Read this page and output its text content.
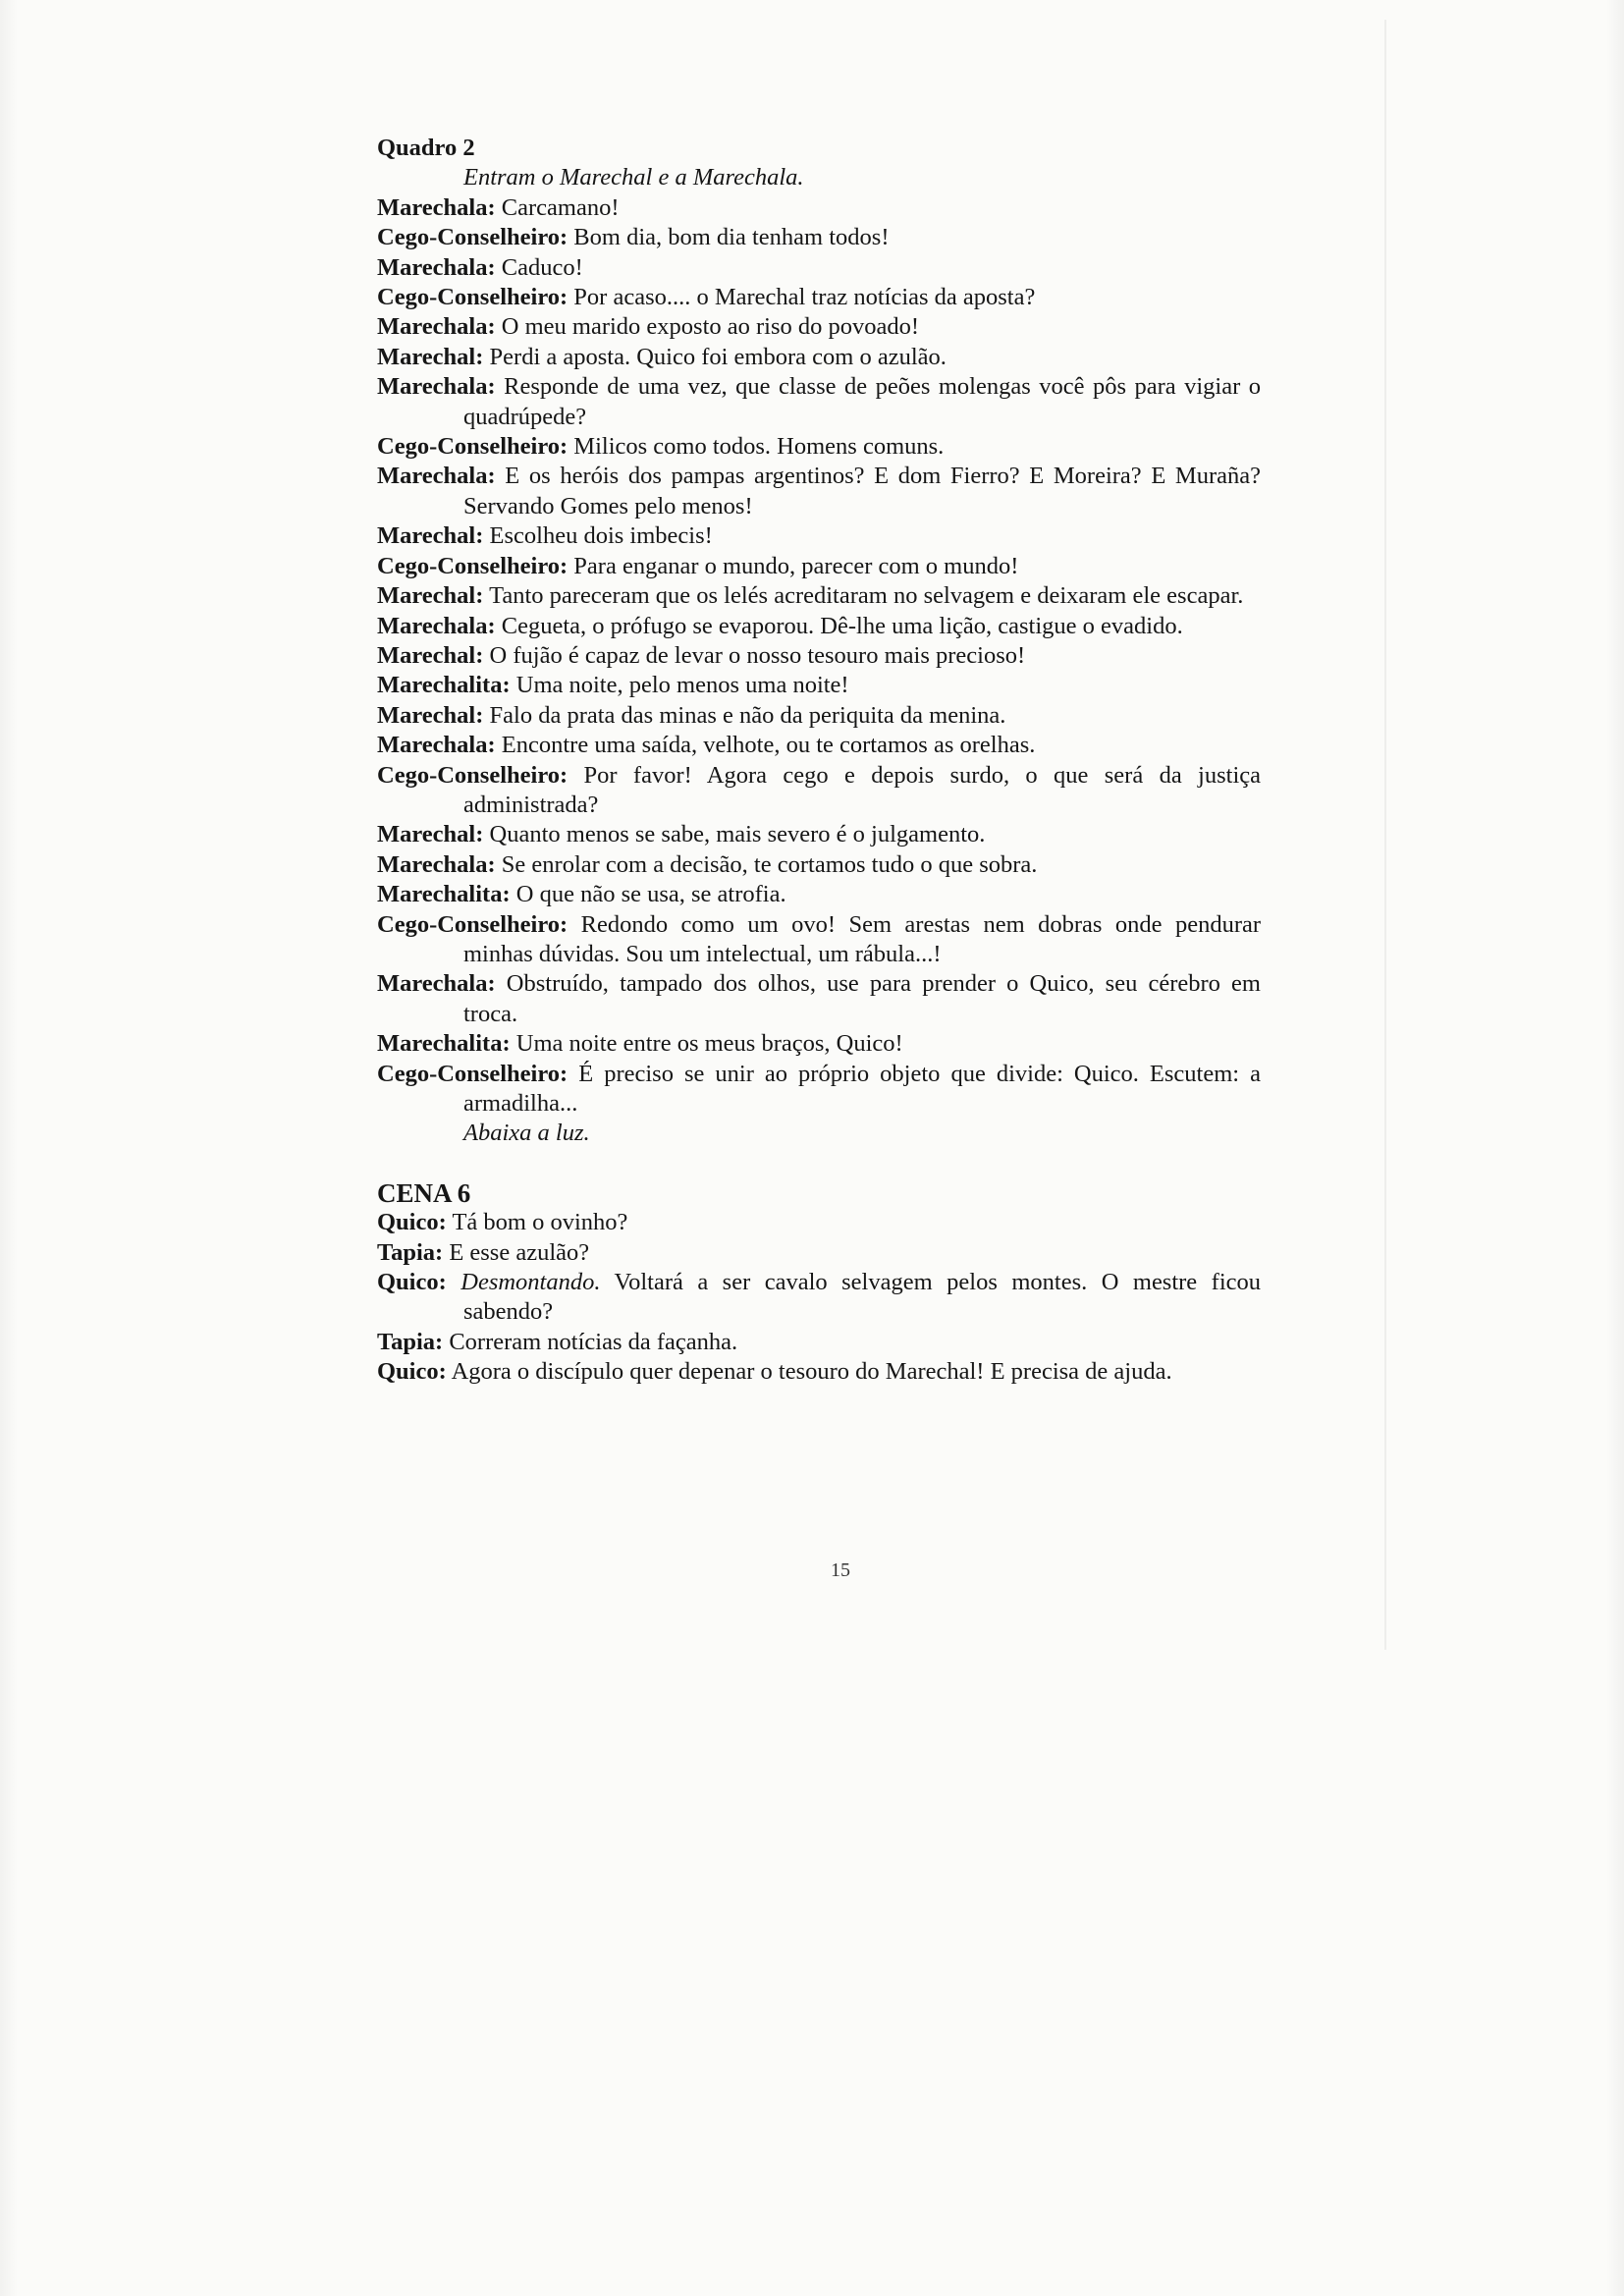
Quadro 2

Entram o Marechal e a Marechala.

Marechala: Carcamano!

Cego-Conselheiro: Bom dia, bom dia tenham todos!

Marechala: Caduco!

Cego-Conselheiro: Por acaso.... o Marechal traz notícias da aposta?

Marechala: O meu marido exposto ao riso do povoado!

Marechal: Perdi a aposta. Quico foi embora com o azulão.

Marechala: Responde de uma vez, que classe de peões molengas você pôs para vigiar o quadrúpede?

Cego-Conselheiro: Milicos como todos. Homens comuns.

Marechala: E os heróis dos pampas argentinos? E dom Fierro? E Moreira? E Muraña? Servando Gomes pelo menos!

Marechal: Escolheu dois imbecis!

Cego-Conselheiro: Para enganar o mundo, parecer com o mundo!

Marechal: Tanto pareceram que os lelés acreditaram no selvagem e deixaram ele escapar.

Marechala: Cegueta, o prófugo se evaporou. Dê-lhe uma lição, castigue o evadido.

Marechal: O fujão é capaz de levar o nosso tesouro mais precioso!

Marechalita: Uma noite, pelo menos uma noite!

Marechal: Falo da prata das minas e não da periquita da menina.

Marechala: Encontre uma saída, velhote, ou te cortamos as orelhas.

Cego-Conselheiro: Por favor! Agora cego e depois surdo, o que será da justiça administrada?

Marechal: Quanto menos se sabe, mais severo é o julgamento.

Marechala: Se enrolar com a decisão, te cortamos tudo o que sobra.

Marechalita: O que não se usa, se atrofia.

Cego-Conselheiro: Redondo como um ovo! Sem arestas nem dobras onde pendurar minhas dúvidas. Sou um intelectual, um rábula...!

Marechala: Obstruído, tampado dos olhos, use para prender o Quico, seu cérebro em troca.

Marechalita: Uma noite entre os meus braços, Quico!

Cego-Conselheiro: É preciso se unir ao próprio objeto que divide: Quico. Escutem: a armadilha...

Abaixa a luz.

CENA 6

Quico: Tá bom o ovinho?

Tapia: E esse azulão?

Quico: Desmontando. Voltará a ser cavalo selvagem pelos montes. O mestre ficou sabendo?

Tapia: Correram notícias da façanha.

Quico: Agora o discípulo quer depenar o tesouro do Marechal! E precisa de ajuda.

15
